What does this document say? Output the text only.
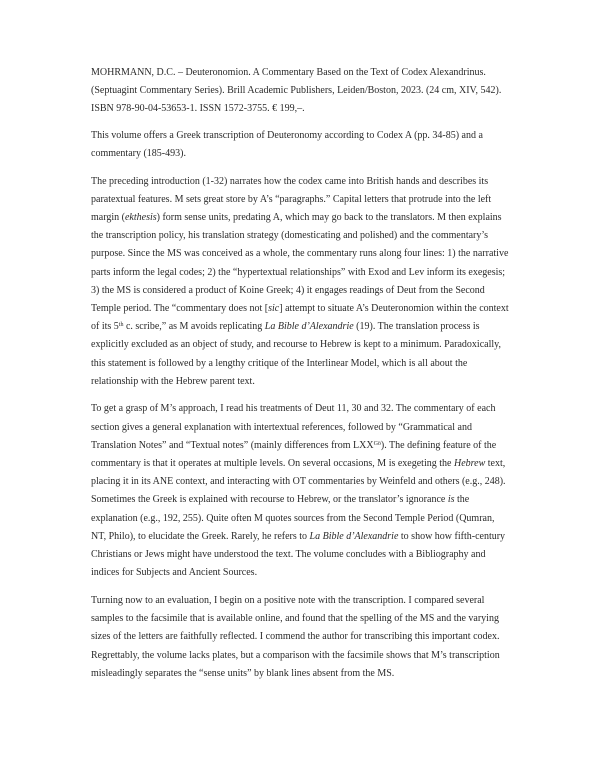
MOHRMANN, D.C. – Deuteronomion. A Commentary Based on the Text of Codex Alexandrinus. (Septuagint Commentary Series). Brill Academic Publishers, Leiden/Boston, 2023. (24 cm, XIV, 542). ISBN 978-90-04-53653-1. ISSN 1572-3755. € 199,–.

This volume offers a Greek transcription of Deuteronomy according to Codex A (pp. 34-85) and a commentary (185-493).

The preceding introduction (1-32) narrates how the codex came into British hands and describes its paratextual features. M sets great store by A’s “paragraphs.” Capital letters that protrude into the left margin (ekthesis) form sense units, predating A, which may go back to the translators. M then explains the transcription policy, his translation strategy (domesticating and polished) and the commentary’s purpose. Since the MS was conceived as a whole, the commentary runs along four lines: 1) the narrative parts inform the legal codes; 2) the “hypertextual relationships” with Exod and Lev inform its exegesis; 3) the MS is considered a product of Koine Greek; 4) it engages readings of Deut from the Second Temple period. The “commentary does not [sic] attempt to situate A’s Deuteronomion within the context of its 5th c. scribe,” as M avoids replicating La Bible d’Alexandrie (19). The translation process is explicitly excluded as an object of study, and recourse to Hebrew is kept to a minimum. Paradoxically, this statement is followed by a lengthy critique of the Interlinear Model, which is all about the relationship with the Hebrew parent text.

To get a grasp of M’s approach, I read his treatments of Deut 11, 30 and 32. The commentary of each section gives a general explanation with intertextual references, followed by “Grammatical and Translation Notes” and “Textual notes” (mainly differences from $LXX^{Gö}$). The defining feature of the commentary is that it operates at multiple levels. On several occasions, M is exegeting the Hebrew text, placing it in its ANE context, and interacting with OT commentaries by Weinfeld and others (e.g., 248). Sometimes the Greek is explained with recourse to Hebrew, or the translator’s ignorance is the explanation (e.g., 192, 255). Quite often M quotes sources from the Second Temple Period (Qumran, NT, Philo), to elucidate the Greek. Rarely, he refers to La Bible d’Alexandrie to show how fifth-century Christians or Jews might have understood the text. The volume concludes with a Bibliography and indices for Subjects and Ancient Sources.

Turning now to an evaluation, I begin on a positive note with the transcription. I compared several samples to the facsimile that is available online, and found that the spelling of the MS and the varying sizes of the letters are faithfully reflected. I commend the author for transcribing this important codex. Regrettably, the volume lacks plates, but a comparison with the facsimile shows that M’s transcription misleadingly separates the “sense units” by blank lines absent from the MS.
